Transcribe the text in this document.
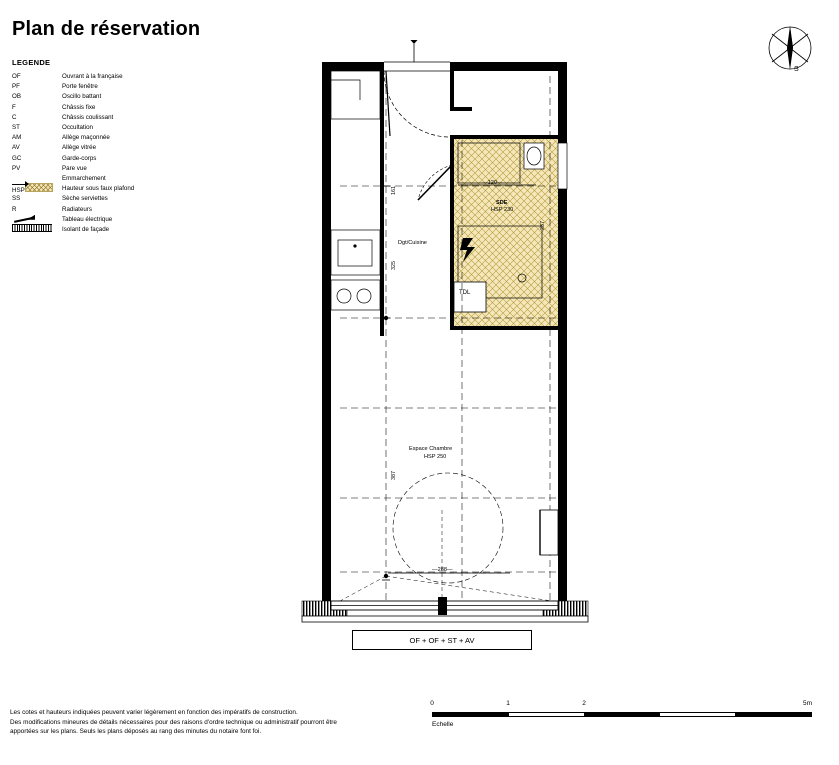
Plan de réservation
LEGENDE
OF	Ouvrant à la française
PF	Porte fenêtre
OB	Oscillo battant
F	Châssis fixe
C	Châssis coulissant
ST	Occultation
AM	Allège maçonnée
AV	Allège vitrée
GC	Garde-corps
PV	Pare vue
Emmarchement
HSP	Hauteur sous faux plafond
SS	Sèche serviettes
R	Radiateurs
Tableau électrique
Isolant de façade
S
Dgt/Cuisine
SDE
HSP 230
Espace Chambre
HSP 250
TDL
161
325
387
237
—120—
—288—
OF + OF + ST + AV
Les cotes et hauteurs indiquées peuvent varier légèrement en fonction des impératifs de construction.
Des modifications mineures de détails nécessaires pour des raisons d'ordre technique ou administratif pourront être
apportées sur les plans. Seuls les plans déposés au rang des minutes du notaire font foi.
0	1	2	5m
Echelle
